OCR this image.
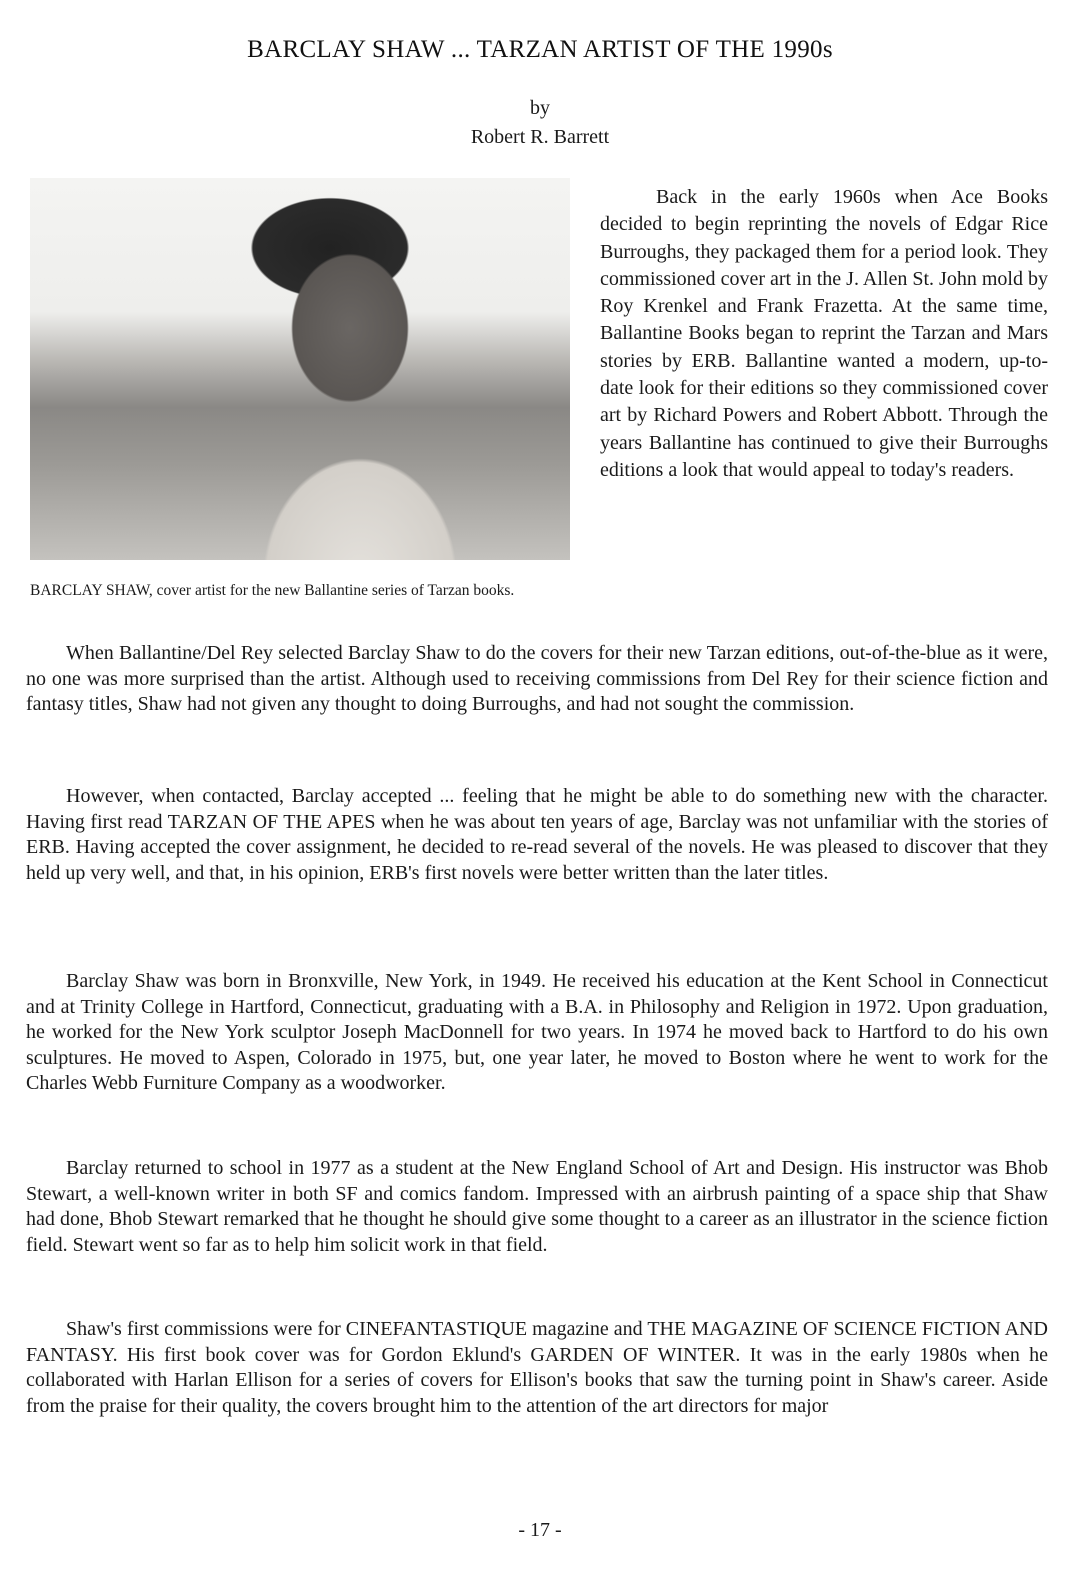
BARCLAY SHAW ... TARZAN ARTIST OF THE 1990s
by
Robert R. Barrett
BARCLAY SHAW, cover artist for the new Ballantine series of Tarzan books.

Back in the early 1960s when Ace Books decided to begin reprinting the novels of Edgar Rice Burroughs, they packaged them for a period look. They commissioned cover art in the J. Allen St. John mold by Roy Krenkel and Frank Frazetta. At the same time, Ballantine Books began to reprint the Tarzan and Mars stories by ERB. Ballantine wanted a modern, up-to-date look for their editions so they commissioned cover art by Richard Powers and Robert Abbott. Through the years Ballantine has continued to give their Burroughs editions a look that would appeal to today's readers.

When Ballantine/Del Rey selected Barclay Shaw to do the covers for their new Tarzan editions, out-of-the-blue as it were, no one was more surprised than the artist. Although used to receiving commissions from Del Rey for their science fiction and fantasy titles, Shaw had not given any thought to doing Burroughs, and had not sought the commission.

However, when contacted, Barclay accepted ... feeling that he might be able to do something new with the character. Having first read TARZAN OF THE APES when he was about ten years of age, Barclay was not unfamiliar with the stories of ERB. Having accepted the cover assignment, he decided to re-read several of the novels. He was pleased to discover that they held up very well, and that, in his opinion, ERB's first novels were better written than the later titles.

Barclay Shaw was born in Bronxville, New York, in 1949. He received his education at the Kent School in Connecticut and at Trinity College in Hartford, Connecticut, graduating with a B.A. in Philosophy and Religion in 1972. Upon graduation, he worked for the New York sculptor Joseph MacDonnell for two years. In 1974 he moved back to Hartford to do his own sculptures. He moved to Aspen, Colorado in 1975, but, one year later, he moved to Boston where he went to work for the Charles Webb Furniture Company as a woodworker.

Barclay returned to school in 1977 as a student at the New England School of Art and Design. His instructor was Bhob Stewart, a well-known writer in both SF and comics fandom. Impressed with an airbrush painting of a space ship that Shaw had done, Bhob Stewart remarked that he thought he should give some thought to a career as an illustrator in the science fiction field. Stewart went so far as to help him solicit work in that field.

Shaw's first commissions were for CINEFANTASTIQUE magazine and THE MAGAZINE OF SCIENCE FICTION AND FANTASY. His first book cover was for Gordon Eklund's GARDEN OF WINTER. It was in the early 1980s when he collaborated with Harlan Ellison for a series of covers for Ellison's books that saw the turning point in Shaw's career. Aside from the praise for their quality, the covers brought him to the attention of the art directors for major

- 17 -
